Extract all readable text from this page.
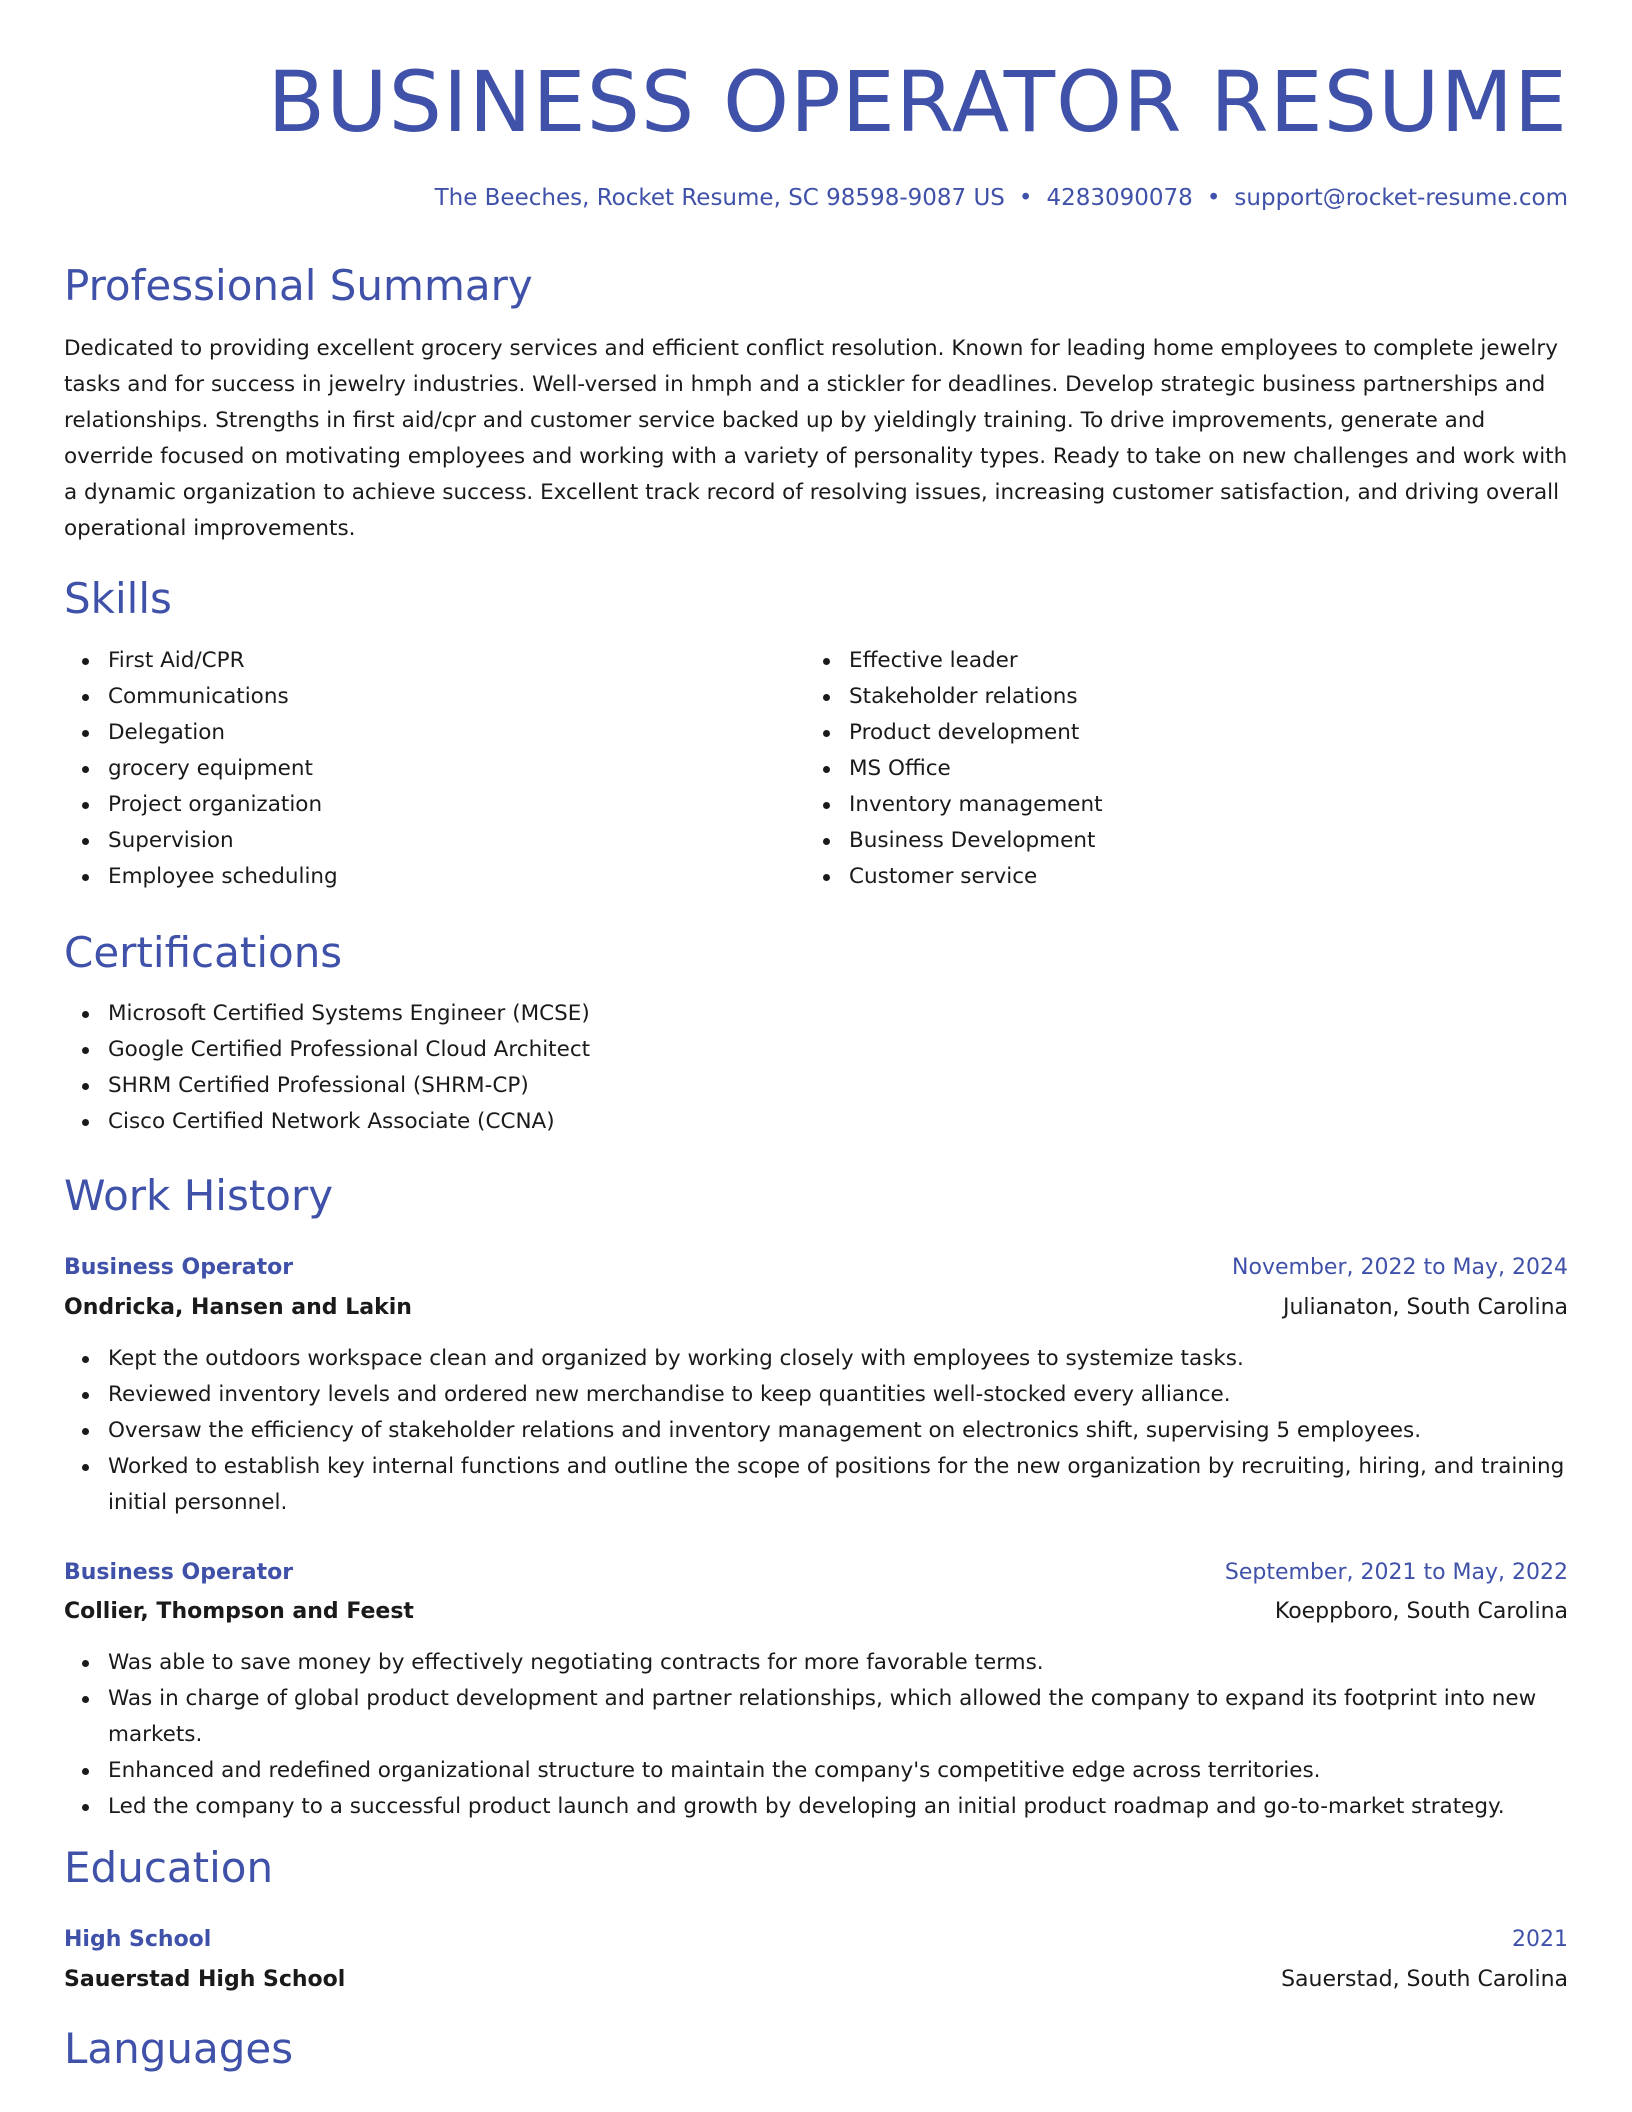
BUSINESS OPERATOR RESUME
The Beeches, Rocket Resume, SC 98598-9087 US • 4283090078 • support@rocket-resume.com
Professional Summary

Dedicated to providing excellent grocery services and efficient conflict resolution. Known for leading home employees to complete jewelry tasks and for success in jewelry industries. Well-versed in hmph and a stickler for deadlines. Develop strategic business partnerships and relationships. Strengths in first aid/cpr and customer service backed up by yieldingly training. To drive improvements, generate and override focused on motivating employees and working with a variety of personality types. Ready to take on new challenges and work with a dynamic organization to achieve success. Excellent track record of resolving issues, increasing customer satisfaction, and driving overall operational improvements.

Skills
First Aid/CPR
Communications
Delegation
grocery equipment
Project organization
Supervision
Employee scheduling
Effective leader
Stakeholder relations
Product development
MS Office
Inventory management
Business Development
Customer service
Certifications
Microsoft Certified Systems Engineer (MCSE)
Google Certified Professional Cloud Architect
SHRM Certified Professional (SHRM-CP)
Cisco Certified Network Associate (CCNA)
Work History
Business Operator	November, 2022 to May, 2024
Ondricka, Hansen and Lakin	Julianaton, South Carolina
Kept the outdoors workspace clean and organized by working closely with employees to systemize tasks.
Reviewed inventory levels and ordered new merchandise to keep quantities well-stocked every alliance.
Oversaw the efficiency of stakeholder relations and inventory management on electronics shift, supervising 5 employees.
Worked to establish key internal functions and outline the scope of positions for the new organization by recruiting, hiring, and training initial personnel.
Business Operator	September, 2021 to May, 2022
Collier, Thompson and Feest	Koeppboro, South Carolina
Was able to save money by effectively negotiating contracts for more favorable terms.
Was in charge of global product development and partner relationships, which allowed the company to expand its footprint into new markets.
Enhanced and redefined organizational structure to maintain the company's competitive edge across territories.
Led the company to a successful product launch and growth by developing an initial product roadmap and go-to-market strategy.
Education
High School	2021
Sauerstad High School	Sauerstad, South Carolina
Languages
